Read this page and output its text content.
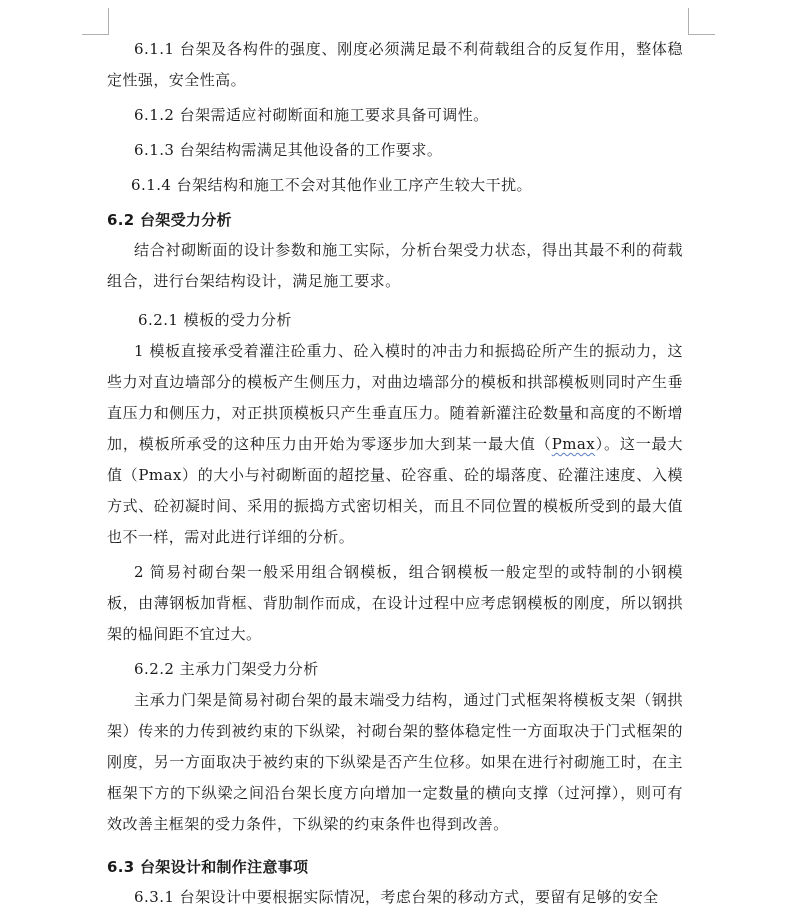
6.1.1 台架及各构件的强度、刚度必须满足最不利荷载组合的反复作用，整体稳定性强，安全性高。

6.1.2 台架需适应衬砌断面和施工要求具备可调性。

6.1.3 台架结构需满足其他设备的工作要求。

6.1.4 台架结构和施工不会对其他作业工序产生较大干扰。

6.2 台架受力分析

结合衬砌断面的设计参数和施工实际，分析台架受力状态，得出其最不利的荷载组合，进行台架结构设计，满足施工要求。

6.2.1 模板的受力分析

1 模板直接承受着灌注砼重力、砼入模时的冲击力和振捣砼所产生的振动力，这些力对直边墙部分的模板产生侧压力，对曲边墙部分的模板和拱部模板则同时产生垂直压力和侧压力，对正拱顶模板只产生垂直压力。随着新灌注砼数量和高度的不断增加，模板所承受的这种压力由开始为零逐步加大到某一最大值（Pmax）。这一最大值（Pmax）的大小与衬砌断面的超挖量、砼容重、砼的塌落度、砼灌注速度、入模方式、砼初凝时间、采用的振捣方式密切相关，而且不同位置的模板所受到的最大值也不一样，需对此进行详细的分析。

2 简易衬砌台架一般采用组合钢模板，组合钢模板一般定型的或特制的小钢模板，由薄钢板加背框、背肋制作而成，在设计过程中应考虑钢模板的刚度，所以钢拱架的榀间距不宜过大。

6.2.2 主承力门架受力分析

主承力门架是简易衬砌台架的最末端受力结构，通过门式框架将模板支架（钢拱架）传来的力传到被约束的下纵梁，衬砌台架的整体稳定性一方面取决于门式框架的刚度，另一方面取决于被约束的下纵梁是否产生位移。如果在进行衬砌施工时，在主框架下方的下纵梁之间沿台架长度方向增加一定数量的横向支撑（过河撑），则可有效改善主框架的受力条件，下纵梁的约束条件也得到改善。

6.3 台架设计和制作注意事项

6.3.1 台架设计中要根据实际情况，考虑台架的移动方式，要留有足够的安全
